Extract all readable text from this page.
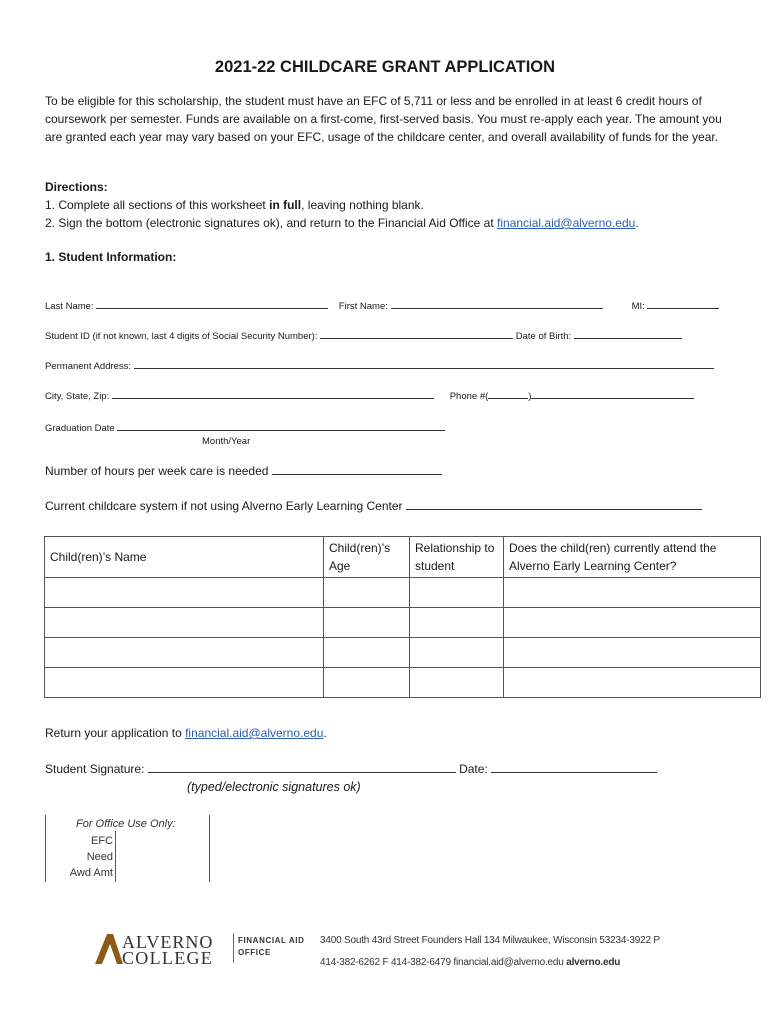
2021-22 CHILDCARE GRANT APPLICATION
To be eligible for this scholarship, the student must have an EFC of 5,711 or less and be enrolled in at least 6 credit hours of coursework per semester. Funds are available on a first-come, first-served basis. You must re-apply each year. The amount you are granted each year may vary based on your EFC, usage of the childcare center, and overall availability of funds for the year.
Directions:
1. Complete all sections of this worksheet in full, leaving nothing blank.
2. Sign the bottom (electronic signatures ok), and return to the Financial Aid Office at financial.aid@alverno.edu.
1. Student Information:
Last Name:	First Name:	MI:
Student ID (if not known, last 4 digits of Social Security Number):	Date of Birth:
Permanent Address:
City, State, Zip:	Phone #(	)
Graduation Date
Month/Year
Number of hours per week care is needed
Current childcare system if not using Alverno Early Learning Center
Child(ren)’s Name	Child(ren)’s Age	Relationship to student	Does the child(ren) currently attend the Alverno Early Learning Center?

Return your application to financial.aid@alverno.edu.
Student Signature:	Date:
(typed/electronic signatures ok)
For Office Use Only:
EFC
Need
Awd Amt
ALVERNO
COLLEGE
FINANCIAL AID
OFFICE
3400 South 43rd Street Founders Hall 134 Milwaukee, Wisconsin 53234-3922 P
414-382-6262 F 414-382-6479 financial.aid@alverno.edu alverno.edu
